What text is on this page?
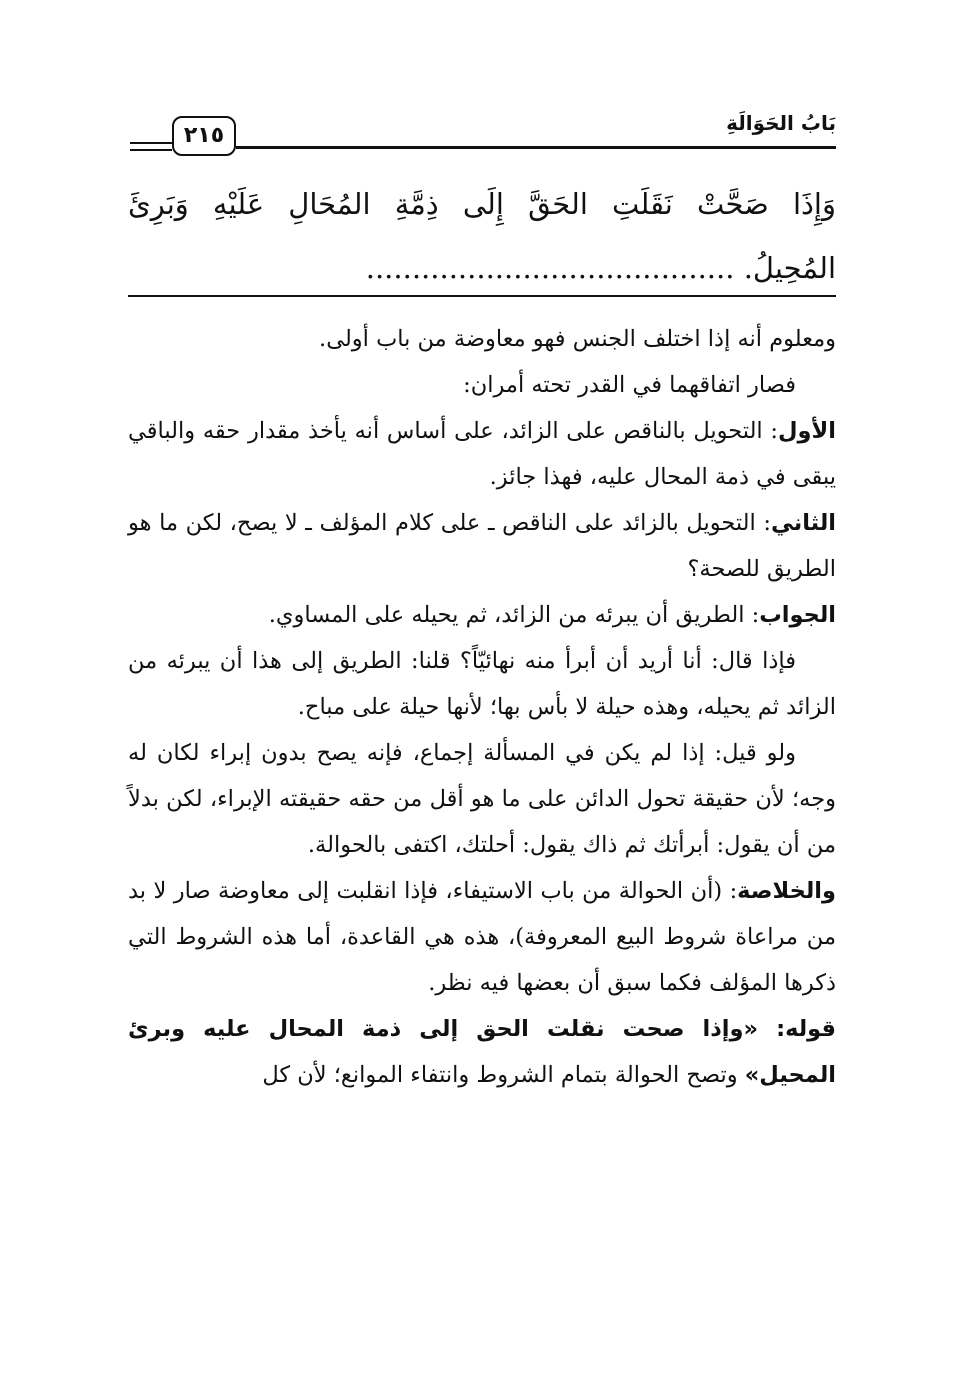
بَابُ الحَوَالَةِ
٢١٥
وَإِذَا صَحَّتْ نَقَلَتِ الحَقَّ إِلَى ذِمَّةِ المُحَالِ عَلَيْهِ وَبَرِئَ
المُحِيلُ. ........................................

ومعلوم أنه إذا اختلف الجنس فهو معاوضة من باب أولى.

فصار اتفاقهما في القدر تحته أمران:

الأول: التحويل بالناقص على الزائد، على أساس أنه يأخذ مقدار حقه والباقي يبقى في ذمة المحال عليه، فهذا جائز.

الثاني: التحويل بالزائد على الناقص ـ على كلام المؤلف ـ لا يصح، لكن ما هو الطريق للصحة؟

الجواب: الطريق أن يبرئه من الزائد، ثم يحيله على المساوي.

فإذا قال: أنا أريد أن أبرأ منه نهائيّاً؟ قلنا: الطريق إلى هذا أن يبرئه من الزائد ثم يحيله، وهذه حيلة لا بأس بها؛ لأنها حيلة على مباح.

ولو قيل: إذا لم يكن في المسألة إجماع، فإنه يصح بدون إبراء لكان له وجه؛ لأن حقيقة تحول الدائن على ما هو أقل من حقه حقيقته الإبراء، لكن بدلاً من أن يقول: أبرأتك ثم ذاك يقول: أحلتك، اكتفى بالحوالة.

والخلاصة: (أن الحوالة من باب الاستيفاء، فإذا انقلبت إلى معاوضة صار لا بد من مراعاة شروط البيع المعروفة)، هذه هي القاعدة، أما هذه الشروط التي ذكرها المؤلف فكما سبق أن بعضها فيه نظر.

قوله: «وإذا صحت نقلت الحق إلى ذمة المحال عليه وبرئ المحيل» وتصح الحوالة بتمام الشروط وانتفاء الموانع؛ لأن كل
